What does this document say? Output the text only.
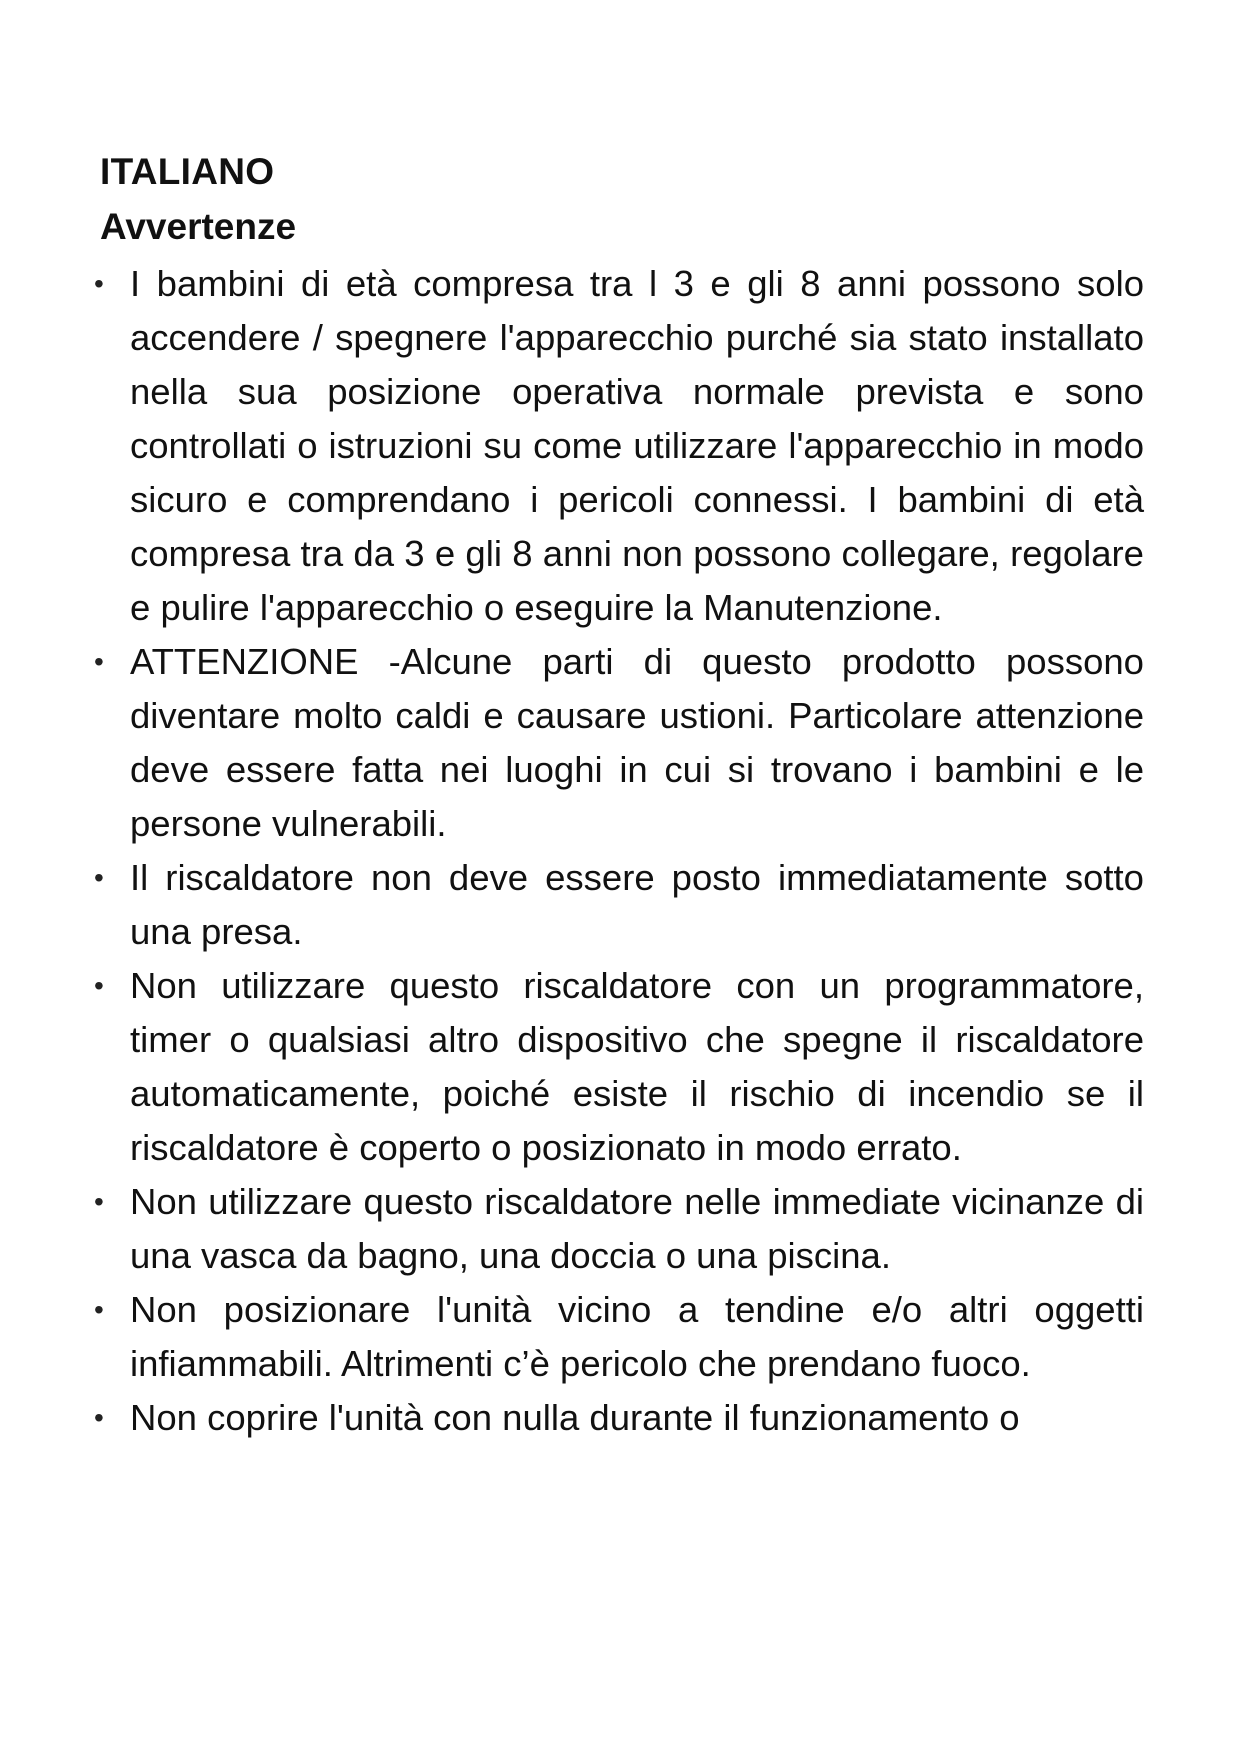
ITALIANO
Avvertenze
• I bambini di età compresa tra l 3 e gli 8 anni possono solo accendere / spegnere l'apparecchio purché sia stato installato nella sua posizione operativa normale prevista e sono controllati o istruzioni su come utilizzare l'apparecchio in modo sicuro e comprendano i pericoli connessi. I bambini di età compresa tra da 3 e gli 8 anni non possono collegare, regolare e pulire l'apparecchio o eseguire la Manutenzione.
• ATTENZIONE -Alcune parti di questo prodotto possono diventare molto caldi e causare ustioni. Particolare attenzione deve essere fatta nei luoghi in cui si trovano i bambini e le persone vulnerabili.
• Il riscaldatore non deve essere posto immediatamente sotto una presa.
• Non utilizzare questo riscaldatore con un programmatore, timer o qualsiasi altro dispositivo che spegne il riscaldatore automaticamente, poiché esiste il rischio di incendio se il riscaldatore è coperto o posizionato in modo errato.
• Non utilizzare questo riscaldatore nelle immediate vicinanze di una vasca da bagno, una doccia o una piscina.
• Non posizionare l'unità vicino a tendine e/o altri oggetti infiammabili. Altrimenti c’è pericolo che prendano fuoco.
• Non coprire l'unità con nulla durante il funzionamento o
